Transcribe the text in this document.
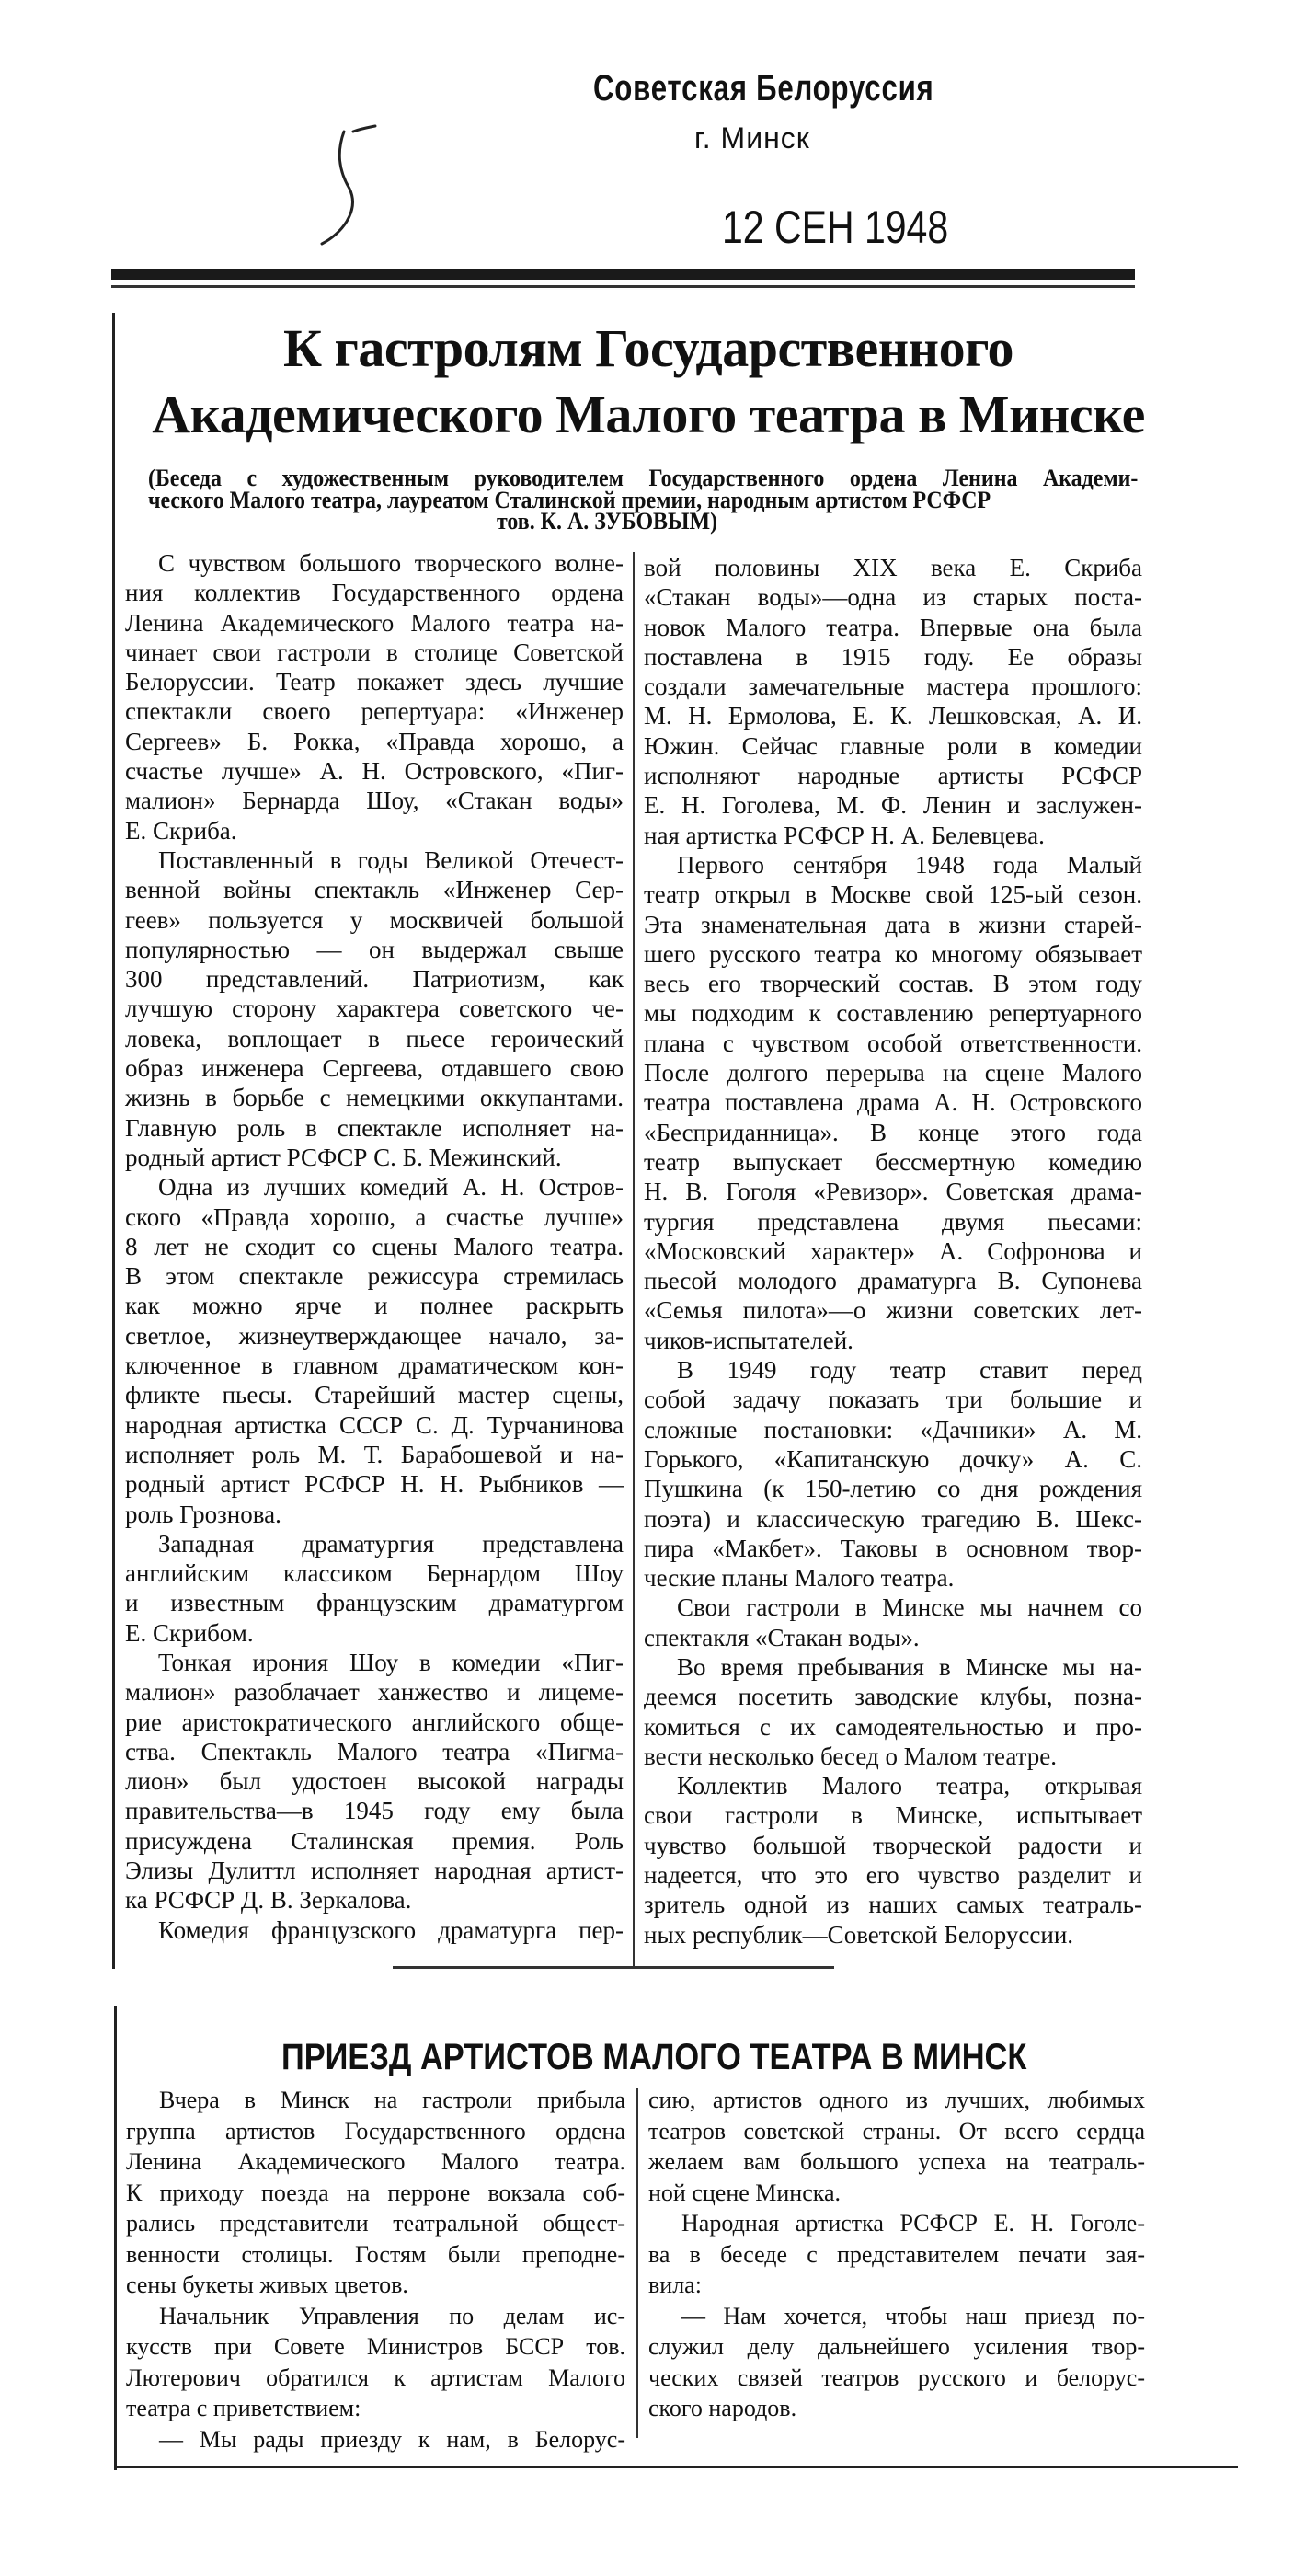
Советская Белоруссия
г. Минск
12 СЕН 1948
К гастролям Государственного
Академического Малого театра в Минске
(Беседа с художественным руководителем Государственного ордена Ленина Академи-
ческого Малого театра, лауреатом Сталинской премии, народным артистом РСФСР
тов. К. А. ЗУБОВЫМ)
С чувством большого творческого волне-
ния коллектив Государственного ордена
Ленина Академического Малого театра на-
чинает свои гастроли в столице Советской
Белоруссии. Театр покажет здесь лучшие
спектакли своего репертуара: «Инженер
Сергеев» Б. Рокка, «Правда хорошо, а
счастье лучше» А. Н. Островского, «Пиг-
малион» Бернарда Шоу, «Стакан воды»
Е. Скриба.
Поставленный в годы Великой Отечест-
венной войны спектакль «Инженер Сер-
геев» пользуется у москвичей большой
популярностью — он выдержал свыше
300 представлений. Патриотизм, как
лучшую сторону характера советского че-
ловека, воплощает в пьесе героический
образ инженера Сергеева, отдавшего свою
жизнь в борьбе с немецкими оккупантами.
Главную роль в спектакле исполняет на-
родный артист РСФСР С. Б. Межинский.
Одна из лучших комедий А. Н. Остров-
ского «Правда хорошо, а счастье лучше»
8 лет не сходит со сцены Малого театра.
В этом спектакле режиссура стремилась
как можно ярче и полнее раскрыть
светлое, жизнеутверждающее начало, за-
ключенное в главном драматическом кон-
фликте пьесы. Старейший мастер сцены,
народная артистка СССР С. Д. Турчанинова
исполняет роль М. Т. Барабошевой и на-
родный артист РСФСР Н. Н. Рыбников —
роль Грознова.
Западная драматургия представлена
английским классиком Бернардом Шоу
и известным французским драматургом
Е. Скрибом.
Тонкая ирония Шоу в комедии «Пиг-
малион» разоблачает ханжество и лицеме-
рие аристократического английского обще-
ства. Спектакль Малого театра «Пигма-
лион» был удостоен высокой награды
правительства—в 1945 году ему была
присуждена Сталинская премия. Роль
Элизы Дулиттл исполняет народная артист-
ка РСФСР Д. В. Зеркалова.
Комедия французского драматурга пер-
вой половины XIX века Е. Скриба
«Стакан воды»—одна из старых поста-
новок Малого театра. Впервые она была
поставлена в 1915 году. Ее образы
создали замечательные мастера прошлого:
М. Н. Ермолова, Е. К. Лешковская, А. И.
Южин. Сейчас главные роли в комедии
исполняют народные артисты РСФСР
Е. Н. Гоголева, М. Ф. Ленин и заслужен-
ная артистка РСФСР Н. А. Белевцева.
Первого сентября 1948 года Малый
театр открыл в Москве свой 125-ый сезон.
Эта знаменательная дата в жизни старей-
шего русского театра ко многому обязывает
весь его творческий состав. В этом году
мы подходим к составлению репертуарного
плана с чувством особой ответственности.
После долгого перерыва на сцене Малого
театра поставлена драма А. Н. Островского
«Бесприданница». В конце этого года
театр выпускает бессмертную комедию
Н. В. Гоголя «Ревизор». Советская драма-
тургия представлена двумя пьесами:
«Московский характер» А. Софронова и
пьесой молодого драматурга В. Супонева
«Семья пилота»—о жизни советских лет-
чиков-испытателей.
В 1949 году театр ставит перед
собой задачу показать три большие и
сложные постановки: «Дачники» А. М.
Горького, «Капитанскую дочку» А. С.
Пушкина (к 150-летию со дня рождения
поэта) и классическую трагедию В. Шекс-
пира «Макбет». Таковы в основном твор-
ческие планы Малого театра.
Свои гастроли в Минске мы начнем со
спектакля «Стакан воды».
Во время пребывания в Минске мы на-
деемся посетить заводские клубы, позна-
комиться с их самодеятельностью и про-
вести несколько бесед о Малом театре.
Коллектив Малого театра, открывая
свои гастроли в Минске, испытывает
чувство большой творческой радости и
надеется, что это его чувство разделит и
зритель одной из наших самых театраль-
ных республик—Советской Белоруссии.
ПРИЕЗД АРТИСТОВ МАЛОГО ТЕАТРА В МИНСК
Вчера в Минск на гастроли прибыла
группа артистов Государственного ордена
Ленина Академического Малого театра.
К приходу поезда на перроне вокзала соб-
рались представители театральной общест-
венности столицы. Гостям были преподне-
сены букеты живых цветов.
Начальник Управления по делам ис-
кусств при Совете Министров БССР тов.
Лютерович обратился к артистам Малого
театра с приветствием:
— Мы рады приезду к нам, в Белорус-
сию, артистов одного из лучших, любимых
театров советской страны. От всего сердца
желаем вам большого успеха на театраль-
ной сцене Минска.
Народная артистка РСФСР Е. Н. Гоголе-
ва в беседе с представителем печати зая-
вила:
— Нам хочется, чтобы наш приезд по-
служил делу дальнейшего усиления твор-
ческих связей театров русского и белорус-
ского народов.
